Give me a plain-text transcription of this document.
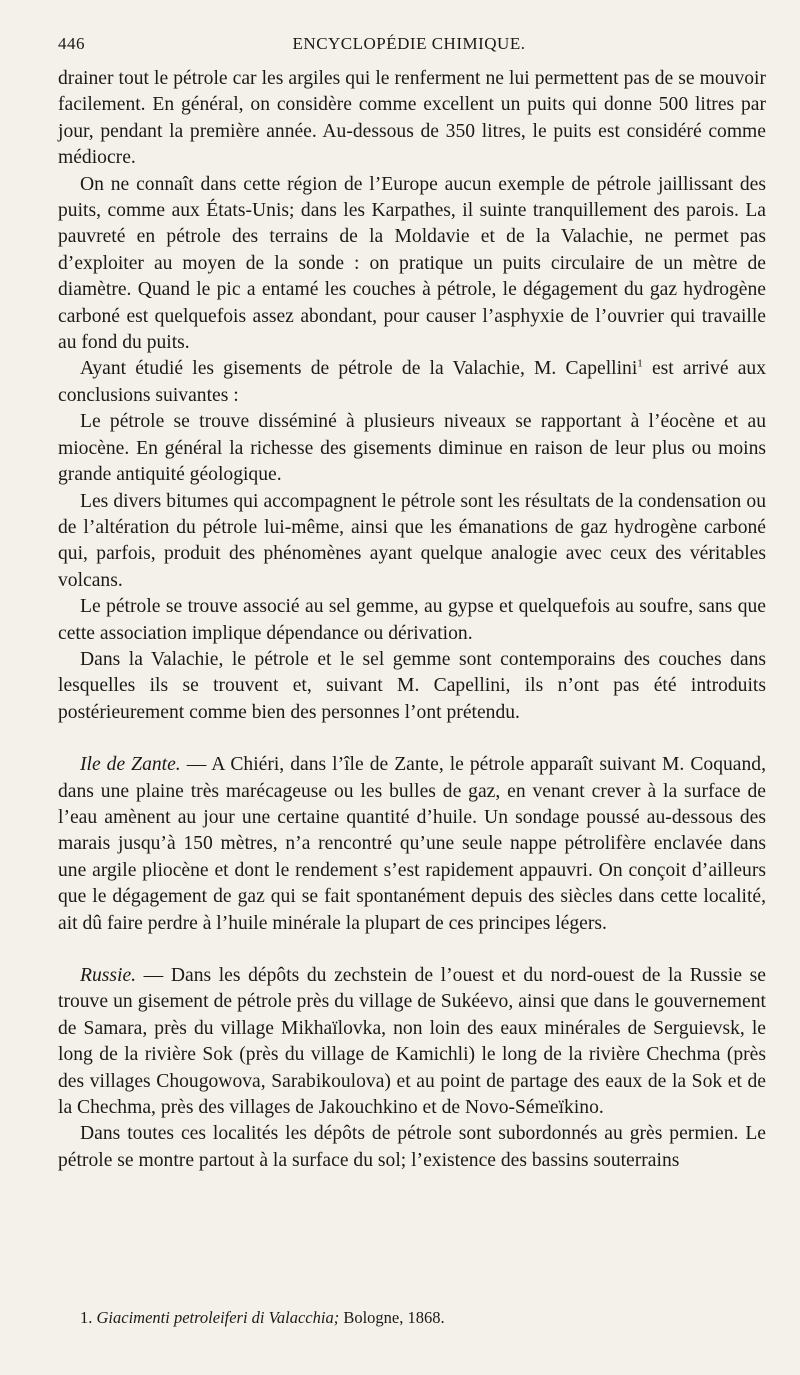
446	ENCYCLOPÉDIE CHIMIQUE.

drainer tout le pétrole car les argiles qui le renferment ne lui permettent pas de se mouvoir facilement. En général, on considère comme excellent un puits qui donne 500 litres par jour, pendant la première année. Au-dessous de 350 litres, le puits est considéré comme médiocre.

On ne connaît dans cette région de l’Europe aucun exemple de pétrole jaillissant des puits, comme aux États-Unis; dans les Karpathes, il suinte tranquillement des parois. La pauvreté en pétrole des terrains de la Moldavie et de la Valachie, ne permet pas d’exploiter au moyen de la sonde : on pratique un puits circulaire de un mètre de diamètre. Quand le pic a entamé les couches à pétrole, le dégagement du gaz hydrogène carboné est quelquefois assez abondant, pour causer l’asphyxie de l’ouvrier qui travaille au fond du puits.

Ayant étudié les gisements de pétrole de la Valachie, M. Capellini$^1$ est arrivé aux conclusions suivantes :

Le pétrole se trouve disséminé à plusieurs niveaux se rapportant à l’éocène et au miocène. En général la richesse des gisements diminue en raison de leur plus ou moins grande antiquité géologique.

Les divers bitumes qui accompagnent le pétrole sont les résultats de la condensation ou de l’altération du pétrole lui-même, ainsi que les émanations de gaz hydrogène carboné qui, parfois, produit des phénomènes ayant quelque analogie avec ceux des véritables volcans.

Le pétrole se trouve associé au sel gemme, au gypse et quelquefois au soufre, sans que cette association implique dépendance ou dérivation.

Dans la Valachie, le pétrole et le sel gemme sont contemporains des couches dans lesquelles ils se trouvent et, suivant M. Capellini, ils n’ont pas été introduits postérieurement comme bien des personnes l’ont prétendu.

Ile de Zante. — A Chiéri, dans l’île de Zante, le pétrole apparaît suivant M. Coquand, dans une plaine très marécageuse ou les bulles de gaz, en venant crever à la surface de l’eau amènent au jour une certaine quantité d’huile. Un sondage poussé au-dessous des marais jusqu’à 150 mètres, n’a rencontré qu’une seule nappe pétrolifère enclavée dans une argile pliocène et dont le rendement s’est rapidement appauvri. On conçoit d’ailleurs que le dégagement de gaz qui se fait spontanément depuis des siècles dans cette localité, ait dû faire perdre à l’huile minérale la plupart de ces principes légers.

Russie. — Dans les dépôts du zechstein de l’ouest et du nord-ouest de la Russie se trouve un gisement de pétrole près du village de Sukéevo, ainsi que dans le gouvernement de Samara, près du village Mikhaïlovka, non loin des eaux minérales de Serguievsk, le long de la rivière Sok (près du village de Kamichli) le long de la rivière Chechma (près des villages Chougowova, Sarabikoulova) et au point de partage des eaux de la Sok et de la Chechma, près des villages de Jakouchkino et de Novo-Sémeïkino.

Dans toutes ces localités les dépôts de pétrole sont subordonnés au grès permien. Le pétrole se montre partout à la surface du sol; l’existence des bassins souterrains

1. Giacimenti petroleiferi di Valacchia; Bologne, 1868.
